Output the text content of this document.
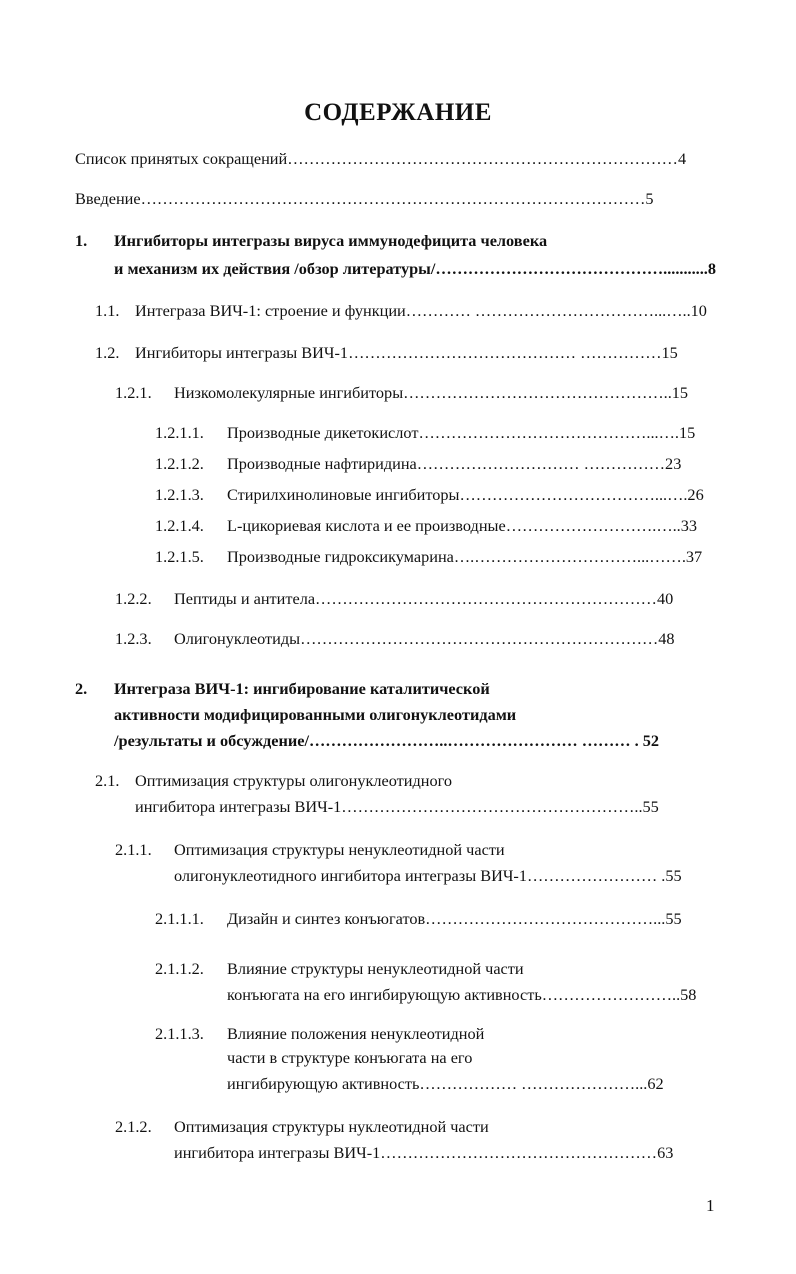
СОДЕРЖАНИЕ
Список принятых сокращений………………………………………………………………4
Введение…………………………………………………………………………………5
1. Ингибиторы интегразы вируса иммунодефицита человека
и механизм их действия /обзор литературы/……………………………………...........8
1.1. Интеграза ВИЧ-1: строение и функции………… ……………………………...…..10
1.2. Ингибиторы интегразы ВИЧ-1…………………………………… ……………15
1.2.1. Низкомолекулярные ингибиторы…………………………………………..15
1.2.1.1. Производные дикетокислот……………………………………...….15
1.2.1.2. Производные нафтиридина………………………… ……………23
1.2.1.3. Стирилхинолиновые ингибиторы………………………………...….26
1.2.1.4. L-цикориевая кислота и ее производные……………………….…..33
1.2.1.5. Производные гидроксикумарина….…………………………...…….37
1.2.2. Пептиды и антитела………………………………………………………40
1.2.3. Олигонуклеотиды…………………………………………………………48
2. Интеграза ВИЧ-1: ингибирование каталитической
активности модифицированными олигонуклеотидами
/результаты и обсуждение/……………………..…………………… ……… . 52
2.1. Оптимизация структуры олигонуклеотидного
ингибитора интегразы ВИЧ-1………………………………………………..55
2.1.1. Оптимизация структуры ненуклеотидной части
олигонуклеотидного ингибитора интегразы ВИЧ-1…………………… .55
2.1.1.1. Дизайн и синтез конъюгатов……………………………………...55
2.1.1.2. Влияние структуры ненуклеотидной части
конъюгата на его ингибирующую активность……………………..58
2.1.1.3. Влияние положения ненуклеотидной
части в структуре конъюгата на его
ингибирующую активность……………… …………………...62
2.1.2. Оптимизация структуры нуклеотидной части
ингибитора интегразы ВИЧ-1……………………………………………63
1
